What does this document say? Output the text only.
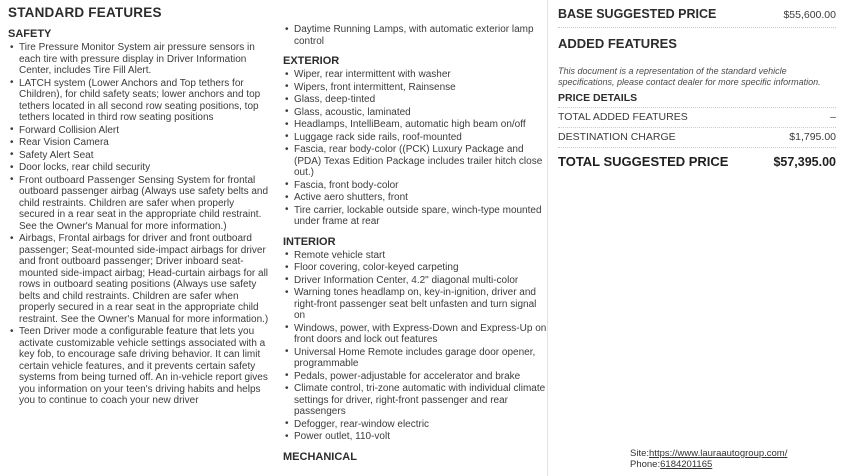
STANDARD FEATURES
SAFETY
• Tire Pressure Monitor System air pressure sensors in each tire with pressure display in Driver Information Center, includes Tire Fill Alert.
• LATCH system (Lower Anchors and Top tethers for Children), for child safety seats; lower anchors and top tethers located in all second row seating positions, top tethers located in third row seating positions
• Forward Collision Alert
• Rear Vision Camera
• Safety Alert Seat
• Door locks, rear child security
• Front outboard Passenger Sensing System for frontal outboard passenger airbag (Always use safety belts and child restraints. Children are safer when properly secured in a rear seat in the appropriate child restraint. See the Owner's Manual for more information.)
• Airbags, Frontal airbags for driver and front outboard passenger; Seat-mounted side-impact airbags for driver and front outboard passenger; Driver inboard seat-mounted side-impact airbag; Head-curtain airbags for all rows in outboard seating positions (Always use safety belts and child restraints. Children are safer when properly secured in a rear seat in the appropriate child restraint. See the Owner's Manual for more information.)
• Teen Driver mode a configurable feature that lets you activate customizable vehicle settings associated with a key fob, to encourage safe driving behavior. It can limit certain vehicle features, and it prevents certain safety systems from being turned off. An in-vehicle report gives you information on your teen's driving habits and helps you to continue to coach your new driver
• Daytime Running Lamps, with automatic exterior lamp control
EXTERIOR
• Wiper, rear intermittent with washer
• Wipers, front intermittent, Rainsense
• Glass, deep-tinted
• Glass, acoustic, laminated
• Headlamps, IntelliBeam, automatic high beam on/off
• Luggage rack side rails, roof-mounted
• Fascia, rear body-color ((PCK) Luxury Package and (PDA) Texas Edition Package includes trailer hitch close out.)
• Fascia, front body-color
• Active aero shutters, front
• Tire carrier, lockable outside spare, winch-type mounted under frame at rear
INTERIOR
• Remote vehicle start
• Floor covering, color-keyed carpeting
• Driver Information Center, 4.2" diagonal multi-color
• Warning tones headlamp on, key-in-ignition, driver and right-front passenger seat belt unfasten and turn signal on
• Windows, power, with Express-Down and Express-Up on front doors and lock out features
• Universal Home Remote includes garage door opener, programmable
• Pedals, power-adjustable for accelerator and brake
• Climate control, tri-zone automatic with individual climate settings for driver, right-front passenger and rear passengers
• Defogger, rear-window electric
• Power outlet, 110-volt
MECHANICAL
BASE SUGGESTED PRICE	$55,600.00
ADDED FEATURES
This document is a representation of the standard vehicle specifications, please contact dealer for more specific information.
PRICE DETAILS
TOTAL ADDED FEATURES	–
DESTINATION CHARGE	$1,795.00
TOTAL SUGGESTED PRICE	$57,395.00
Site:https://www.lauraautogroup.com/
Phone:6184201165
